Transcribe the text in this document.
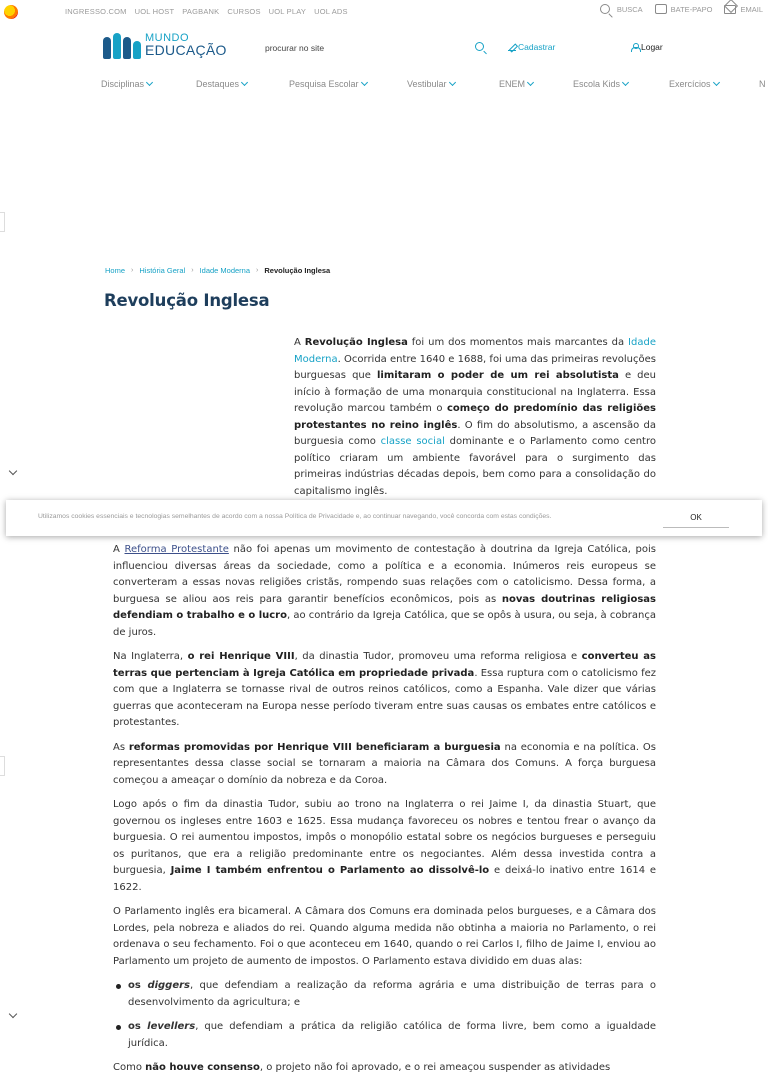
INGRESSO.COM UOL HOST PAGBANK CURSOS UOL PLAY UOL ADS	BUSCA	BATE-PAPO	EMAIL
MUNDO
EDUCAÇÃO
procurar no site	Cadastrar	Logar
Disciplinas	Destaques	Pesquisa Escolar	Vestibular	ENEM	Escola Kids	Exercícios	N
Home › História Geral › Idade Moderna › Revolução Inglesa
Revolução Inglesa
A Revolução Inglesa foi um dos momentos mais marcantes da Idade Moderna. Ocorrida entre 1640 e 1688, foi uma das primeiras revoluções burguesas que limitaram o poder de um rei absolutista e deu início à formação de uma monarquia constitucional na Inglaterra. Essa revolução marcou também o começo do predomínio das religiões protestantes no reino inglês. O fim do absolutismo, a ascensão da burguesia como classe social dominante e o Parlamento como centro político criaram um ambiente favorável para o surgimento das primeiras indústrias décadas depois, bem como para a consolidação do capitalismo inglês.

A Reforma Protestante não foi apenas um movimento de contestação à doutrina da Igreja Católica, pois influenciou diversas áreas da sociedade, como a política e a economia. Inúmeros reis europeus se converteram a essas novas religiões cristãs, rompendo suas relações com o catolicismo. Dessa forma, a burguesa se aliou aos reis para garantir benefícios econômicos, pois as novas doutrinas religiosas defendiam o trabalho e o lucro, ao contrário da Igreja Católica, que se opôs à usura, ou seja, à cobrança de juros.

Na Inglaterra, o rei Henrique VIII, da dinastia Tudor, promoveu uma reforma religiosa e converteu as terras que pertenciam à Igreja Católica em propriedade privada. Essa ruptura com o catolicismo fez com que a Inglaterra se tornasse rival de outros reinos católicos, como a Espanha. Vale dizer que várias guerras que aconteceram na Europa nesse período tiveram entre suas causas os embates entre católicos e protestantes.

As reformas promovidas por Henrique VIII beneficiaram a burguesia na economia e na política. Os representantes dessa classe social se tornaram a maioria na Câmara dos Comuns. A força burguesa começou a ameaçar o domínio da nobreza e da Coroa.

Logo após o fim da dinastia Tudor, subiu ao trono na Inglaterra o rei Jaime I, da dinastia Stuart, que governou os ingleses entre 1603 e 1625. Essa mudança favoreceu os nobres e tentou frear o avanço da burguesia. O rei aumentou impostos, impôs o monopólio estatal sobre os negócios burgueses e perseguiu os puritanos, que era a religião predominante entre os negociantes. Além dessa investida contra a burguesia, Jaime I também enfrentou o Parlamento ao dissolvê-lo e deixá-lo inativo entre 1614 e 1622.

O Parlamento inglês era bicameral. A Câmara dos Comuns era dominada pelos burgueses, e a Câmara dos Lordes, pela nobreza e aliados do rei. Quando alguma medida não obtinha a maioria no Parlamento, o rei ordenava o seu fechamento. Foi o que aconteceu em 1640, quando o rei Carlos I, filho de Jaime I, enviou ao Parlamento um projeto de aumento de impostos. O Parlamento estava dividido em duas alas:

os diggers, que defendiam a realização da reforma agrária e uma distribuição de terras para o desenvolvimento da agricultura; e
os levellers, que defendiam a prática da religião católica de forma livre, bem como a igualdade jurídica.

Como não houve consenso, o projeto não foi aprovado, e o rei ameaçou suspender as atividades

Utilizamos cookies essenciais e tecnologias semelhantes de acordo com a nossa Política de Privacidade e, ao continuar navegando, você concorda com estas condições.	OK
